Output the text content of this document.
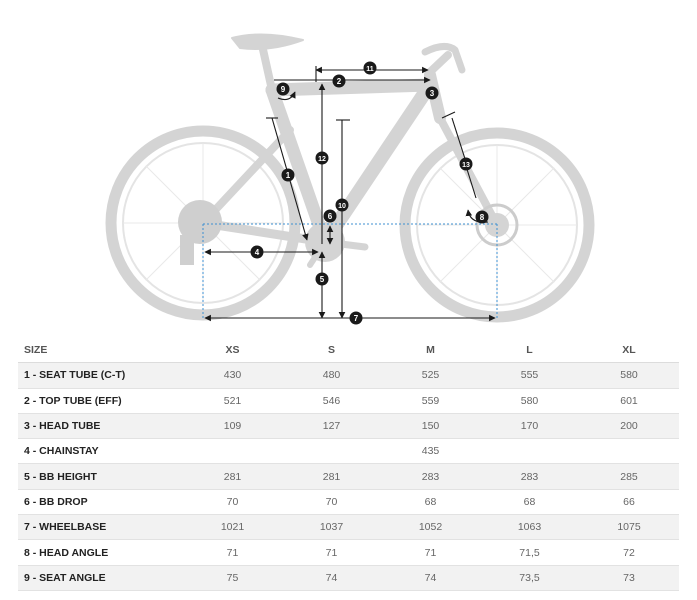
1
2
3
4
5
6
7
8
9
10
11
12
13
SIZE	XS	S	M	L	XL
1 - SEAT TUBE (C-T)	430	480	525	555	580
2 - TOP TUBE (EFF)	521	546	559	580	601
3 - HEAD TUBE	109	127	150	170	200
4 - CHAINSTAY			435		
5 - BB HEIGHT	281	281	283	283	285
6 - BB DROP	70	70	68	68	66
7 - WHEELBASE	1021	1037	1052	1063	1075
8 - HEAD ANGLE	71	71	71	71,5	72
9 - SEAT ANGLE	75	74	74	73,5	73
